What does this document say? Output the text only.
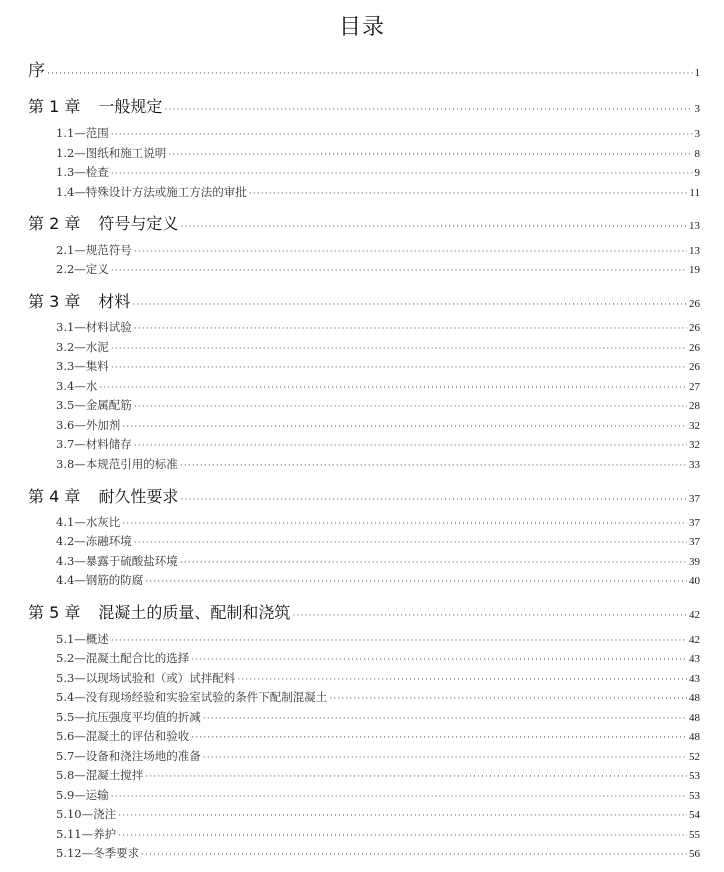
目录
序 ·····	1
第 1 章 一般规定 ·····	3
1.1—范围 ·····	3
1.2—图纸和施工说明 ·····	8
1.3—检查 ·····	9
1.4—特殊设计方法或施工方法的审批 ·····	11
第 2 章 符号与定义 ·····	13
2.1—规范符号 ·····	13
2.2—定义 ·····	19
第 3 章 材料 ·····	26
3.1—材料试验 ·····	26
3.2—水泥 ·····	26
3.3—集料 ·····	26
3.4—水 ·····	27
3.5—金属配筋 ·····	28
3.6—外加剂 ·····	32
3.7—材料储存 ·····	32
3.8—本规范引用的标准 ·····	33
第 4 章 耐久性要求 ·····	37
4.1—水灰比 ·····	37
4.2—冻融环境 ·····	37
4.3—暴露于硫酸盐环境 ·····	39
4.4—钢筋的防腐 ·····	40
第 5 章 混凝土的质量、配制和浇筑 ·····	42
5.1—概述 ·····	42
5.2—混凝土配合比的选择 ·····	43
5.3—以现场试验和（或）试拌配料 ·····	43
5.4—没有现场经验和实验室试验的条件下配制混凝土 ·····	48
5.5—抗压强度平均值的折减 ·····	48
5.6—混凝土的评估和验收 ·····	48
5.7—设备和浇注场地的准备 ·····	52
5.8—混凝土搅拌 ·····	53
5.9—运输 ·····	53
5.10—浇注 ·····	54
5.11—养护 ·····	55
5.12—冬季要求 ·····	56
